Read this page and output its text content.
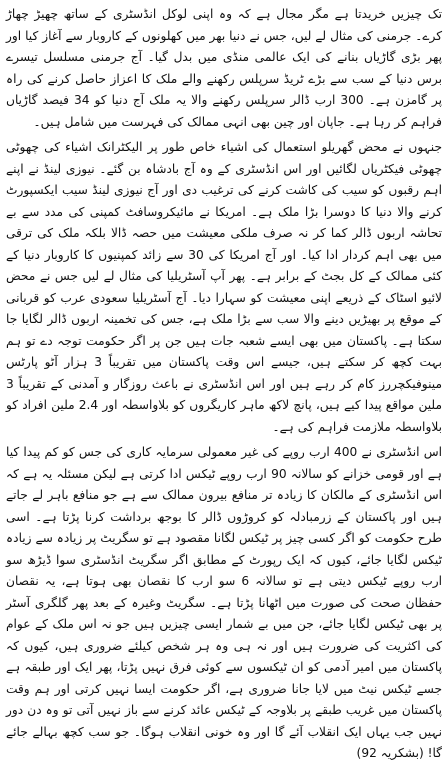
تک چیزیں خریدتا ہے مگر مجال ہے کہ وہ اپنی لوکل انڈسٹری کے ساتھ چھیڑ چھاڑ کرے۔ جرمنی کی مثال لے لیں، جس نے دنیا بھر میں کھلونوں کے کاروبار سے آغاز کیا اور پھر بڑی گاڑیاں بنانے کی ایک عالمی منڈی میں بدل گیا۔ آج جرمنی مسلسل تیسرے برس دنیا کے سب سے بڑے ٹریڈ سرپلس رکھنے والے ملک کا اعزاز حاصل کرنے کی راہ پر گامزن ہے۔ 300 ارب ڈالر سرپلس رکھنے والا یہ ملک آج دنیا کو 34 فیصد گاڑیاں فراہم کر رہا ہے۔ جاپان اور چین بھی انہی ممالک کی فہرست میں شامل ہیں۔

جنہوں نے محض گھریلو استعمال کی اشیاء خاص طور پر الیکٹرانک اشیاء کی چھوٹی چھوٹی فیکٹریاں لگائیں اور اس انڈسٹری کے وہ آج بادشاہ بن گئے۔ نیوزی لینڈ نے اپنے اہم رقبوں کو سیب کی کاشت کرنے کی ترغیب دی اور آج نیوزی لینڈ سیب ایکسپورٹ کرنے والا دنیا کا دوسرا بڑا ملک ہے۔ امریکا نے مائیکروسافٹ کمپنی کی مدد سے بے تحاشہ اربوں ڈالر کما کر نہ صرف ملکی معیشت میں حصہ ڈالا بلکہ ملک کی ترقی میں بھی اہم کردار ادا کیا۔ اور آج امریکا کی 30 سے زائد کمپنیوں کا کاروبار دنیا کے کئی ممالک کے کل بجٹ کے برابر ہے۔ پھر آپ آسٹریلیا کی مثال لے لیں جس نے محض لائیو اسٹاک کے ذریعے اپنی معیشت کو سہارا دیا۔ آج آسٹریلیا سعودی عرب کو قربانی کے موقع پر بھیڑیں دینے والا سب سے بڑا ملک ہے، جس کی تخمینہ اربوں ڈالر لگایا جا سکتا ہے۔ پاکستان میں بھی ایسے شعبہ جات ہیں جن پر اگر حکومت توجہ دے تو ہم بہت کچھ کر سکتے ہیں، جیسے اس وقت پاکستان میں تقریباً 3 ہزار آٹو پارٹس مینوفیکچررز کام کر رہے ہیں اور اس انڈسٹری نے باعث روزگار و آمدنی کے تقریباً 3 ملین مواقع پیدا کیے ہیں، پانچ لاکھ ماہر کاریگروں کو بلاواسطہ اور 2.4 ملین افراد کو بلاواسطہ ملازمت فراہم کی ہے۔

اس انڈسٹری نے 400 ارب روپے کی غیر معمولی سرمایہ کاری کی جس کو کم پیدا کیا ہے اور قومی خزانے کو سالانہ 90 ارب روپے ٹیکس ادا کرتی ہے لیکن مسئلہ یہ ہے کہ اس انڈسٹری کے مالکان کا زیادہ تر منافع بیرون ممالک سے ہے جو منافع باہر لے جاتے ہیں اور پاکستان کے زرمبادلہ کو کروڑوں ڈالر کا بوجھ برداشت کرنا پڑتا ہے۔ اسی طرح حکومت کو اگر کسی چیز پر ٹیکس لگانا مقصود ہے تو سگریٹ پر زیادہ سے زیادہ ٹیکس لگایا جائے، کیوں کہ ایک رپورٹ کے مطابق اگر سگریٹ انڈسٹری سوا ڈیڑھ سو ارب روپے ٹیکس دیتی ہے تو سالانہ 6 سو ارب کا نقصان بھی ہوتا ہے، یہ نقصان حفظان صحت کی صورت میں اٹھانا پڑتا ہے۔ سگریٹ وغیرہ کے بعد پھر گلگری آسٹر پر بھی ٹیکس لگایا جائے، جن میں بے شمار ایسی چیزیں ہیں جو نہ اس ملک کے عوام کی اکثریت کی ضرورت ہیں اور نہ ہی وہ ہر شخص کیلئے ضروری ہیں، کیوں کہ پاکستان میں امیر آدمی کو ان ٹیکسوں سے کوئی فرق نہیں پڑتا، پھر ایک اور طبقہ ہے جسے ٹیکس نیٹ میں لایا جانا ضروری ہے، اگر حکومت ایسا نہیں کرتی اور ہم وقت پاکستان میں غریب طبقے پر بلاوجہ کے ٹیکس عائد کرنے سے باز نہیں آتی تو وہ دن دور نہیں جب یہاں ایک انقلاب آئے گا اور وہ خونی انقلاب ہوگا۔ جو سب کچھ بہالے جائے گا! (بشکریہ 92)
